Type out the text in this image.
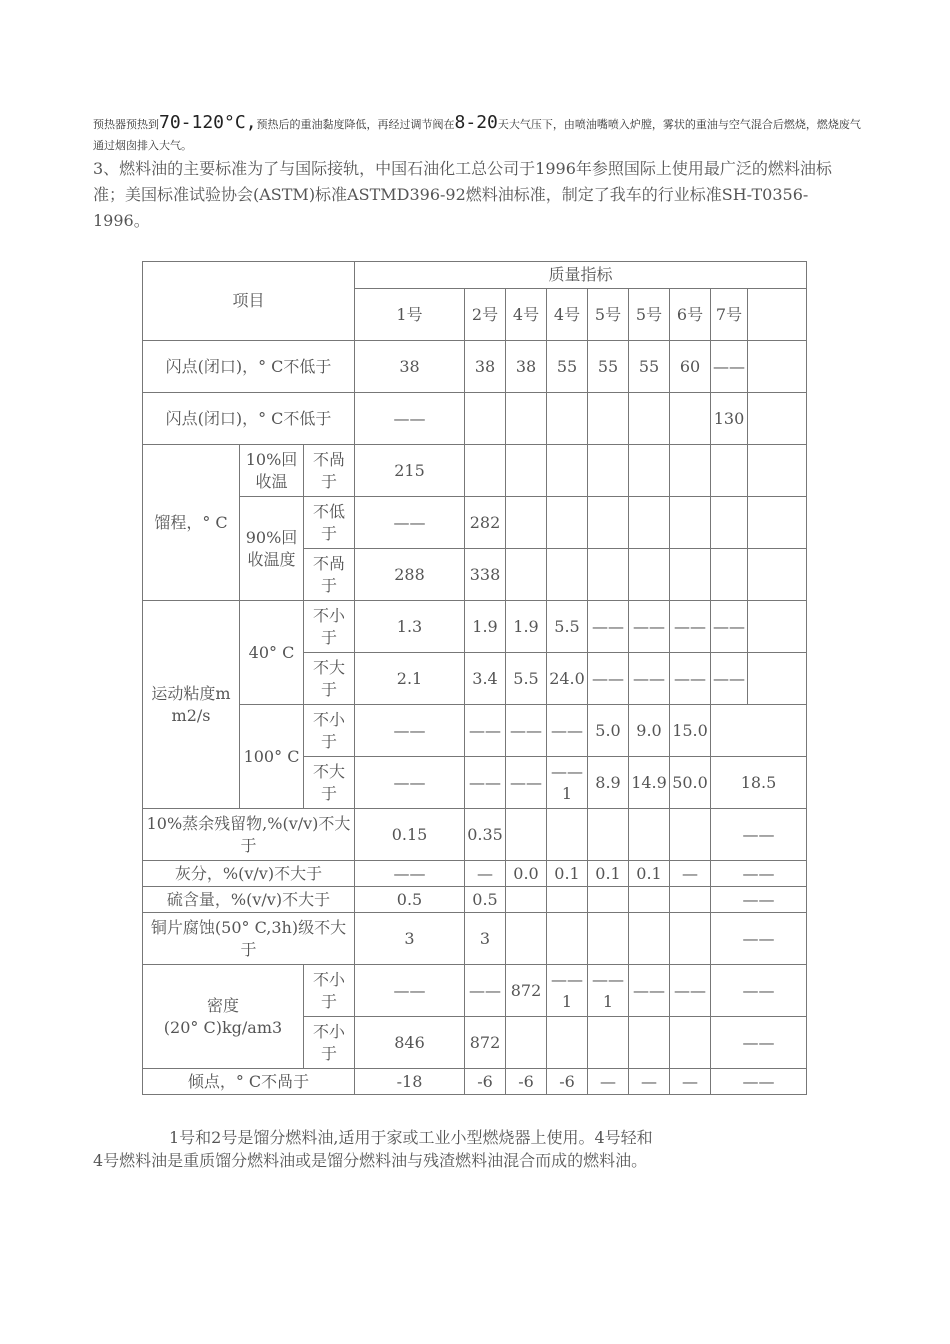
预热器预热到70-120°C,预热后的重油黏度降低，再经过调节阀在8-20天大气压下，由喷油嘴喷入炉膛，雾状的重油与空气混合后燃烧，燃烧废气通过烟囱排入大气。
3、燃料油的主要标准为了与国际接轨，中国石油化工总公司于1996年参照国际上使用最广泛的燃料油标准；美国标准试验协会(ASTM)标准ASTMD396-92燃料油标准，制定了我车的行业标准SH-T0356-1996。
项目			质量指标								
			1号	2号	4号	4号	5号	5号	6号	7号	
闪点(闭口)，° C不低于			38	38	38	55	55	55	60	——	
闪点(闭口)，° C不低于			——							130	
馏程，° C	10%回收温	不咼于	215								
	90%回收温度	不低于	——	282							
		不咼于	288	338							
运动粘度mm2/s	40° C	不小于	1.3	1.9	1.9	5.5	——	——	——	——	
		不大于	2.1	3.4	5.5	24.0	——	——	——	——	
	100° C	不小于	——	——	——	——	5.0	9.0	15.0		
		不大于	——	——	——	——1	8.9	14.9	50.0	18.5	
10%蒸余残留物,%(v/v)不大于			0.15	0.35						——	
灰分，%(v/v)不大于			——	—	0.0	0.1	0.1	0.1	—	——	
硫含量，%(v/v)不大于			0.5	0.5						——	
铜片腐蚀(50° C,3h)级不大于			3	3						——	
密度
(20° C)kg/am3		不小于	——	——	872	——1	——1	——	——	——	
		不小于	846	872						——	
倾点，° C不咼于			-18	-6	-6	-6	—	—	—	——	
1号和2号是馏分燃料油,适用于家或工业小型燃烧器上使用。4号轻和
4号燃料油是重质馏分燃料油或是馏分燃料油与残渣燃料油混合而成的燃料油。
